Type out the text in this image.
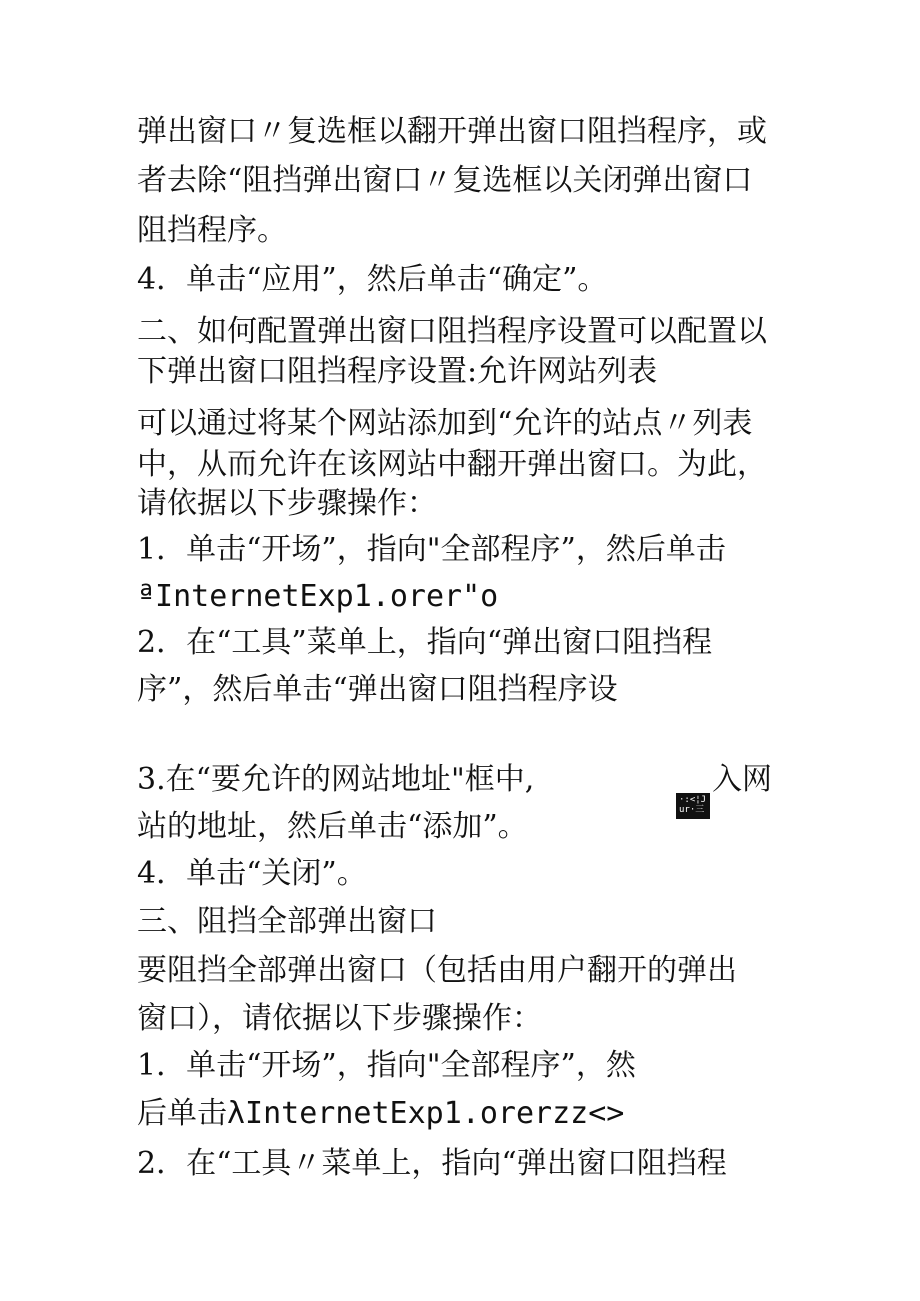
弹出窗口〃复选框以翻开弹出窗口阻挡程序，或
者去除“阻挡弹出窗口〃复选框以关闭弹出窗口
阻挡程序。
4．单击“应用”，然后单击“确定”。
二、如何配置弹出窗口阻挡程序设置可以配置以
下弹出窗口阻挡程序设置:允许网站列表
可以通过将某个网站添加到“允许的站点〃列表
中，从而允许在该网站中翻开弹出窗口。为此，
请依据以下步骤操作：
1．单击“开场”，指向"全部程序”，然后单击
ªInternetExp1.orer"o
2．在“工具”菜单上，指向“弹出窗口阻挡程
序”，然后单击“弹出窗口阻挡程序设
3.在“要允许的网站地址"框中,
·:<¦J
ur·三
入网
站的地址，然后单击“添加”。
4．单击“关闭”。
三、阻挡全部弹出窗口
要阻挡全部弹出窗口（包括由用户翻开的弹出
窗口），请依据以下步骤操作：
1．单击“开场”，指向"全部程序”，然
后单击λInternetExp1.orerzz<>
2．在“工具〃菜单上，指向“弹出窗口阻挡程
